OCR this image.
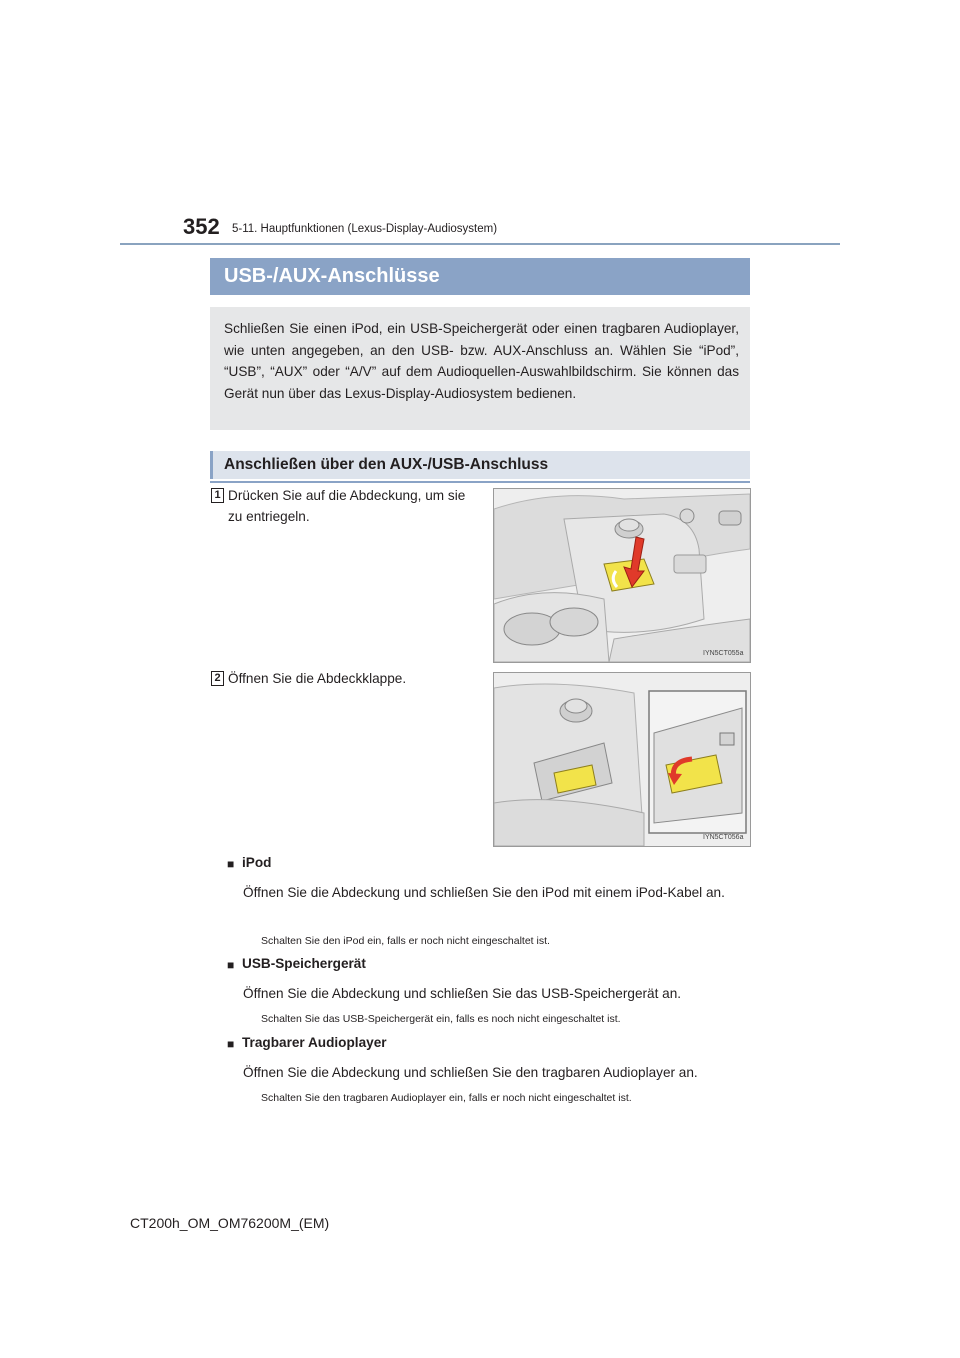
352 5-11. Hauptfunktionen (Lexus-Display-Audiosystem)
USB-/AUX-Anschlüsse

Schließen Sie einen iPod, ein USB-Speichergerät oder einen tragbaren Audioplayer, wie unten angegeben, an den USB- bzw. AUX-Anschluss an. Wählen Sie “iPod”, “USB”, “AUX” oder “A/V” auf dem Audioquellen-Auswahlbildschirm. Sie können das Gerät nun über das Lexus-Display-Audiosystem bedienen.

Anschließen über den AUX-/USB-Anschluss
1 Drücken Sie auf die Abdeckung, um sie zu entriegeln.
IYN5CT055a
2 Öffnen Sie die Abdeckklappe.
IYN5CT056a
■ iPod
Öffnen Sie die Abdeckung und schließen Sie den iPod mit einem iPod-Kabel an.
Schalten Sie den iPod ein, falls er noch nicht eingeschaltet ist.
■ USB-Speichergerät
Öffnen Sie die Abdeckung und schließen Sie das USB-Speichergerät an.
Schalten Sie das USB-Speichergerät ein, falls es noch nicht eingeschaltet ist.
■ Tragbarer Audioplayer
Öffnen Sie die Abdeckung und schließen Sie den tragbaren Audioplayer an.
Schalten Sie den tragbaren Audioplayer ein, falls er noch nicht eingeschaltet ist.
CT200h_OM_OM76200M_(EM)
